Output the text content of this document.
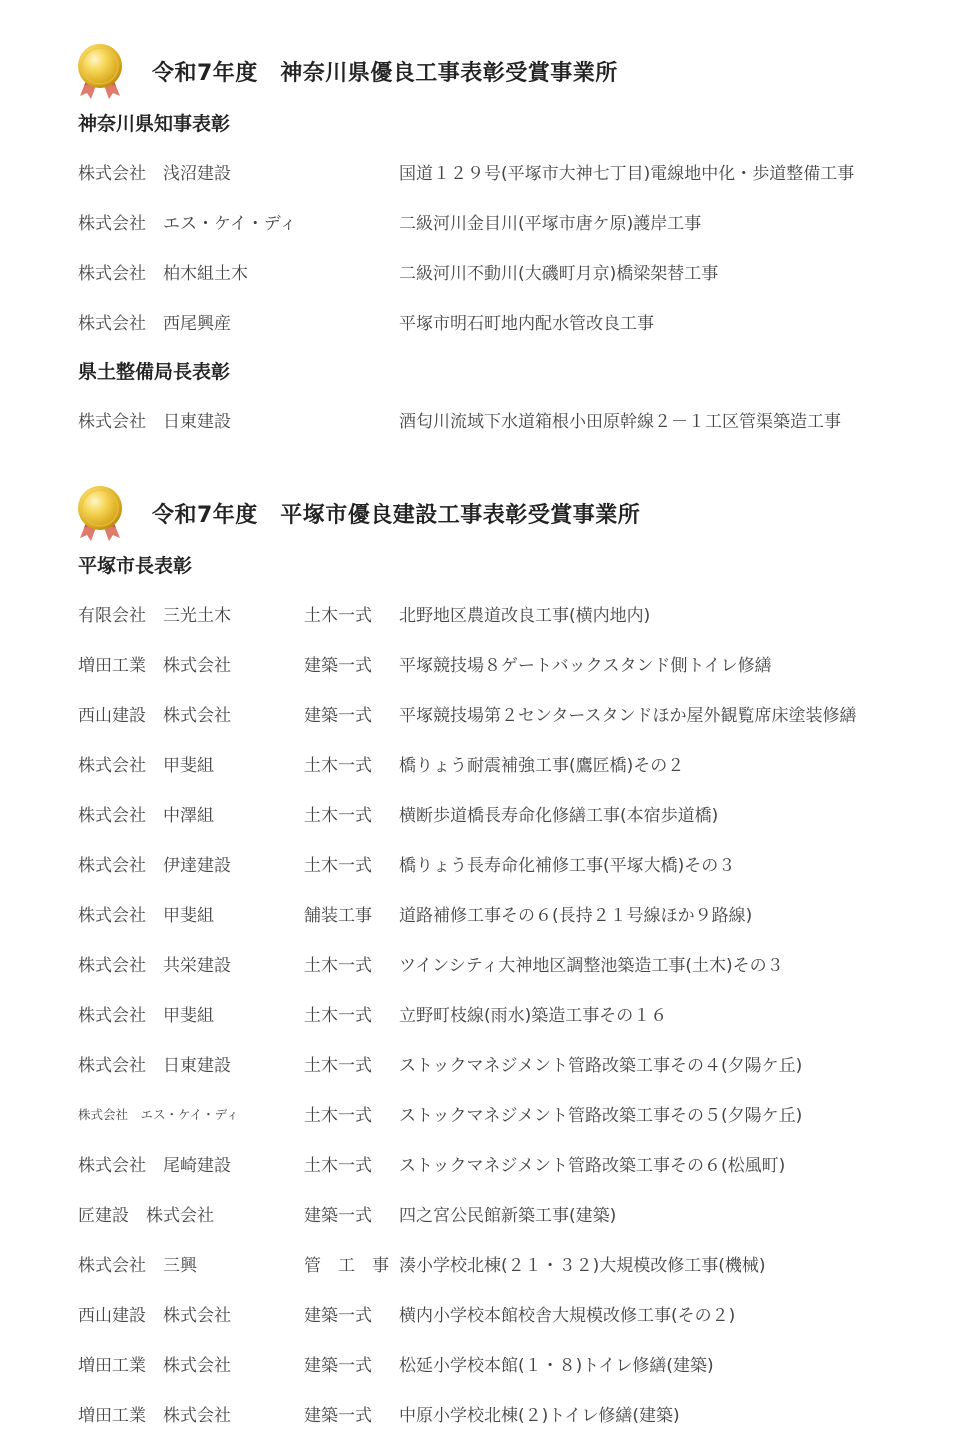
令和7年度　神奈川県優良工事表彰受賞事業所
神奈川県知事表彰
株式会社　浅沼建設	国道１２９号(平塚市大神七丁目)電線地中化・歩道整備工事
株式会社　エス・ケイ・ディ	二級河川金目川(平塚市唐ケ原)護岸工事
株式会社　柏木組土木	二級河川不動川(大磯町月京)橋梁架替工事
株式会社　西尾興産	平塚市明石町地内配水管改良工事
県土整備局長表彰
株式会社　日東建設	酒匂川流域下水道箱根小田原幹線２－１工区管渠築造工事
令和7年度　平塚市優良建設工事表彰受賞事業所
平塚市長表彰
有限会社　三光土木	土木一式 北野地区農道改良工事(横内地内)
増田工業　株式会社	建築一式 平塚競技場８ゲートバックスタンド側トイレ修繕
西山建設　株式会社	建築一式 平塚競技場第２センタースタンドほか屋外観覧席床塗装修繕
株式会社　甲斐組	土木一式 橋りょう耐震補強工事(鷹匠橋)その２
株式会社　中澤組	土木一式 横断歩道橋長寿命化修繕工事(本宿歩道橋)
株式会社　伊達建設	土木一式 橋りょう長寿命化補修工事(平塚大橋)その３
株式会社　甲斐組	舗装工事 道路補修工事その６(長持２１号線ほか９路線)
株式会社　共栄建設	土木一式 ツインシティ大神地区調整池築造工事(土木)その３
株式会社　甲斐組	土木一式 立野町枝線(雨水)築造工事その１６
株式会社　日東建設	土木一式 ストックマネジメント管路改築工事その４(夕陽ケ丘)
株式会社　エス・ケイ・ディ	土木一式 ストックマネジメント管路改築工事その５(夕陽ケ丘)
株式会社　尾崎建設	土木一式 ストックマネジメント管路改築工事その６(松風町)
匠建設　株式会社	建築一式 四之宮公民館新築工事(建築)
株式会社　三興	管　工　事 湊小学校北棟(２１・３２)大規模改修工事(機械)
西山建設　株式会社	建築一式 横内小学校本館校舎大規模改修工事(その２)
増田工業　株式会社	建築一式 松延小学校本館(１・８)トイレ修繕(建築)
増田工業　株式会社	建築一式 中原小学校北棟(２)トイレ修繕(建築)
